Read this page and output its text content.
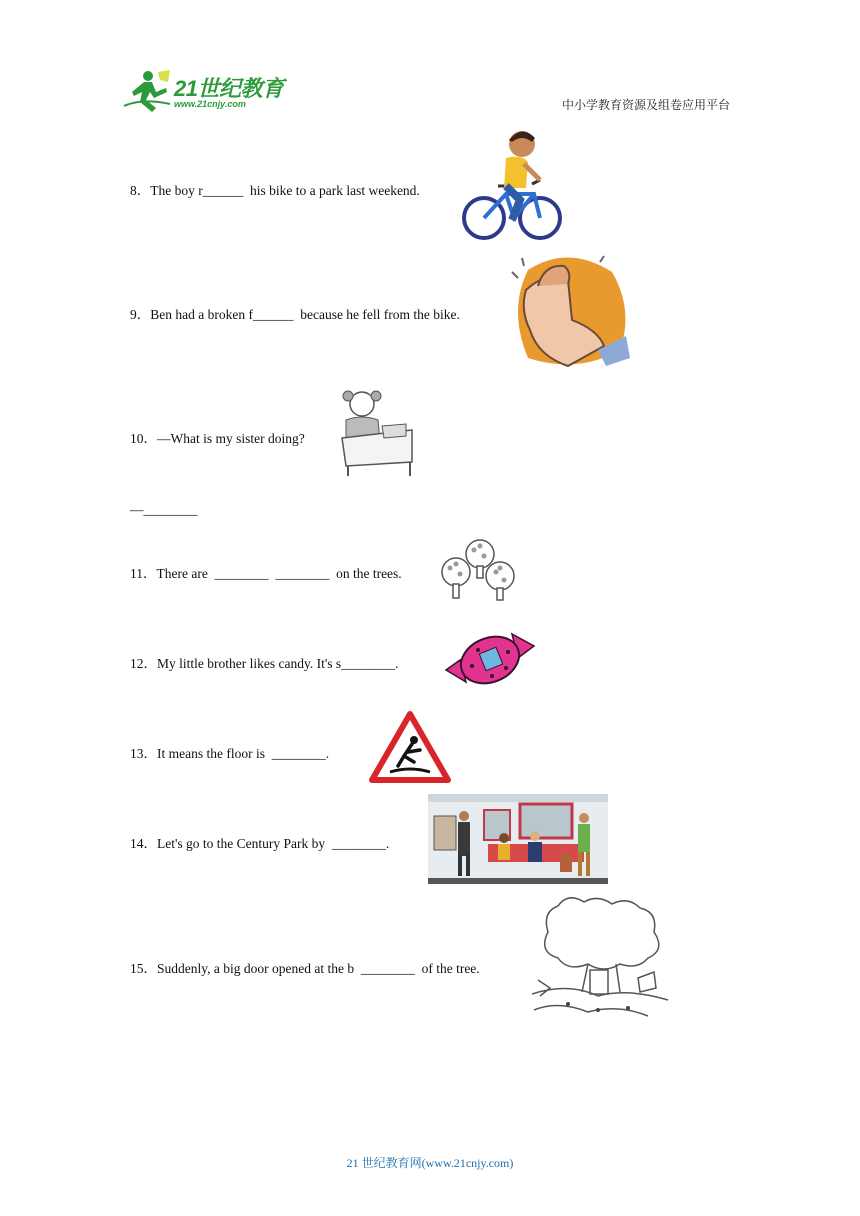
21世纪教育
www.21cnjy.com	中小学教育资源及组卷应用平台
8．The boy r______  his bike to a park last weekend.
9．Ben had a broken f______  because he fell from the bike.
10．—What is my sister doing?
—________
11．There are  ________  ________  on the trees.
12．My little brother likes candy. It's s________.
13．It means the floor is  ________.
14．Let's go to the Century Park by  ________.
15．Suddenly, a big door opened at the b  ________  of the tree.
21 世纪教育网(www.21cnjy.com)
